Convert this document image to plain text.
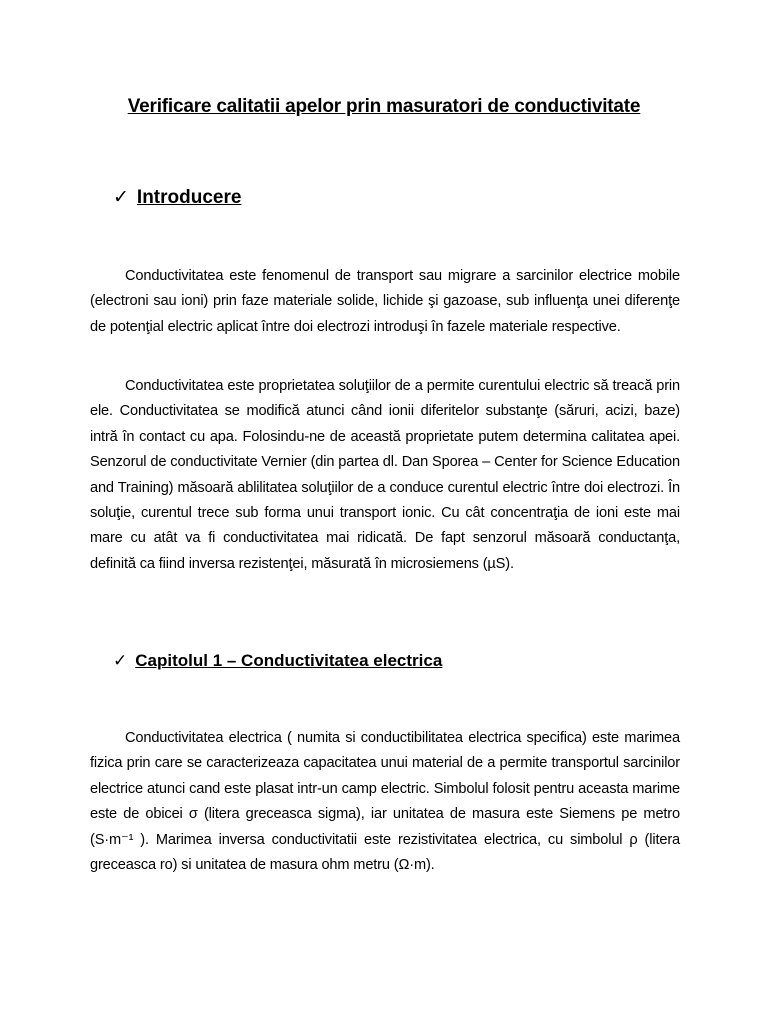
Verificare calitatii apelor prin masuratori de conductivitate
✓ Introducere

Conductivitatea este fenomenul de transport sau migrare a sarcinilor electrice mobile (electroni sau ioni) prin faze materiale solide, lichide şi gazoase, sub influenţa unei diferenţe de potenţial electric aplicat între doi electrozi introduşi în fazele materiale respective.

Conductivitatea este proprietatea soluţiilor de a permite curentului electric să treacă prin ele. Conductivitatea se modifică atunci când ionii diferitelor substanţe (săruri, acizi, baze) intră în contact cu apa. Folosindu-ne de această proprietate putem determina calitatea apei. Senzorul de conductivitate Vernier (din partea dl. Dan Sporea – Center for Science Education and Training) măsoară ablilitatea soluţiilor de a conduce curentul electric între doi electrozi. În soluţie, curentul trece sub forma unui transport ionic. Cu cât concentraţia de ioni este mai mare cu atât va fi conductivitatea mai ridicată. De fapt senzorul măsoară conductanţa, definită ca fiind inversa rezistenţei, măsurată în microsiemens (µS).

✓ Capitolul 1 – Conductivitatea electrica

Conductivitatea electrica ( numita si conductibilitatea electrica specifica) este marimea fizica prin care se caracterizeaza capacitatea unui material de a permite transportul sarcinilor electrice atunci cand este plasat intr-un camp electric. Simbolul folosit pentru aceasta marime este de obicei σ (litera greceasca sigma), iar unitatea de masura este Siemens pe metro (S·m⁻¹ ). Marimea inversa conductivitatii este rezistivitatea electrica, cu simbolul ρ (litera greceasca ro) si unitatea de masura ohm metru (Ω·m).
